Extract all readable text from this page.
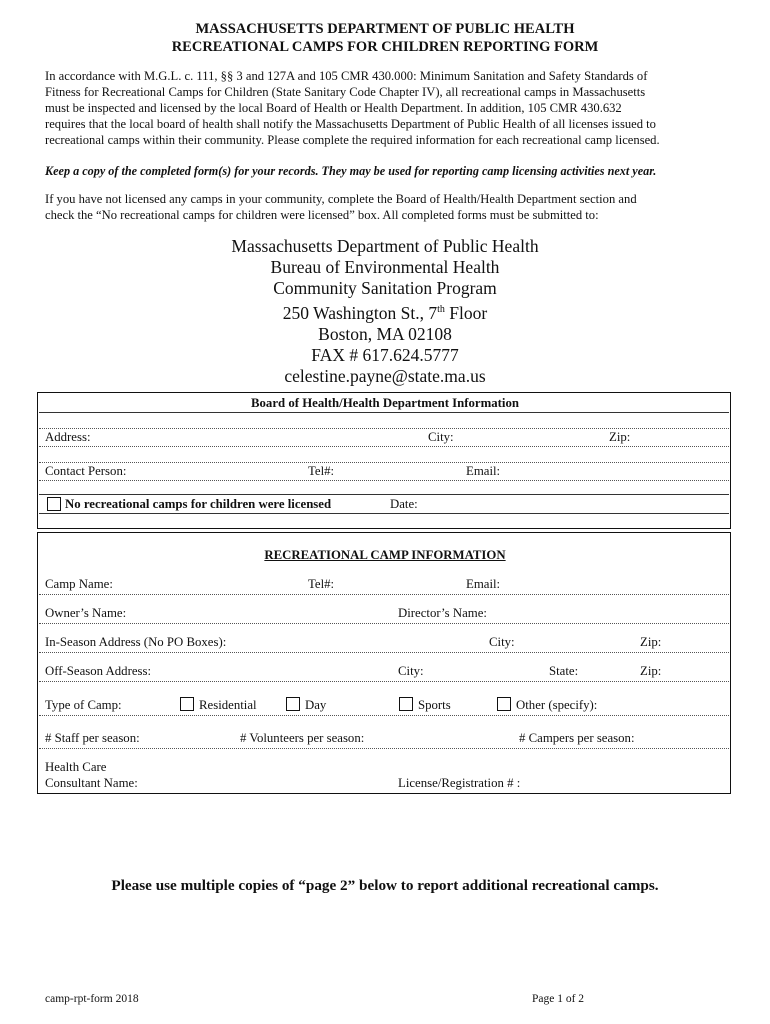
MASSACHUSETTS DEPARTMENT OF PUBLIC HEALTH
RECREATIONAL CAMPS FOR CHILDREN REPORTING FORM
In accordance with M.G.L. c. 111, §§ 3 and 127A and 105 CMR 430.000: Minimum Sanitation and Safety Standards of
Fitness for Recreational Camps for Children (State Sanitary Code Chapter IV), all recreational camps in Massachusetts
must be inspected and licensed by the local Board of Health or Health Department. In addition, 105 CMR 430.632
requires that the local board of health shall notify the Massachusetts Department of Public Health of all licenses issued to
recreational camps within their community. Please complete the required information for each recreational camp licensed.
Keep a copy of the completed form(s) for your records. They may be used for reporting camp licensing activities next year.
If you have not licensed any camps in your community, complete the Board of Health/Health Department section and
check the “No recreational camps for children were licensed” box. All completed forms must be submitted to:
Massachusetts Department of Public Health
Bureau of Environmental Health
Community Sanitation Program
250 Washington St., 7th Floor
Boston, MA 02108
FAX # 617.624.5777
celestine.payne@state.ma.us
Board of Health/Health Department Information
Address:	City:	Zip:
Contact Person:	Tel#:	Email:
No recreational camps for children were licensed	Date:
RECREATIONAL CAMP INFORMATION
Camp Name:	Tel#:	Email:
Owner’s Name:	Director’s Name:
In-Season Address (No PO Boxes):	City:	Zip:
Off-Season Address:	City:	State:	Zip:
Type of Camp:	Residential	Day	Sports	Other (specify):
# Staff per season:	# Volunteers per season:	# Campers per season:
Health Care
Consultant Name:	License/Registration # :
Please use multiple copies of “page 2” below to report additional recreational camps.
camp-rpt-form 2018	Page 1 of 2
